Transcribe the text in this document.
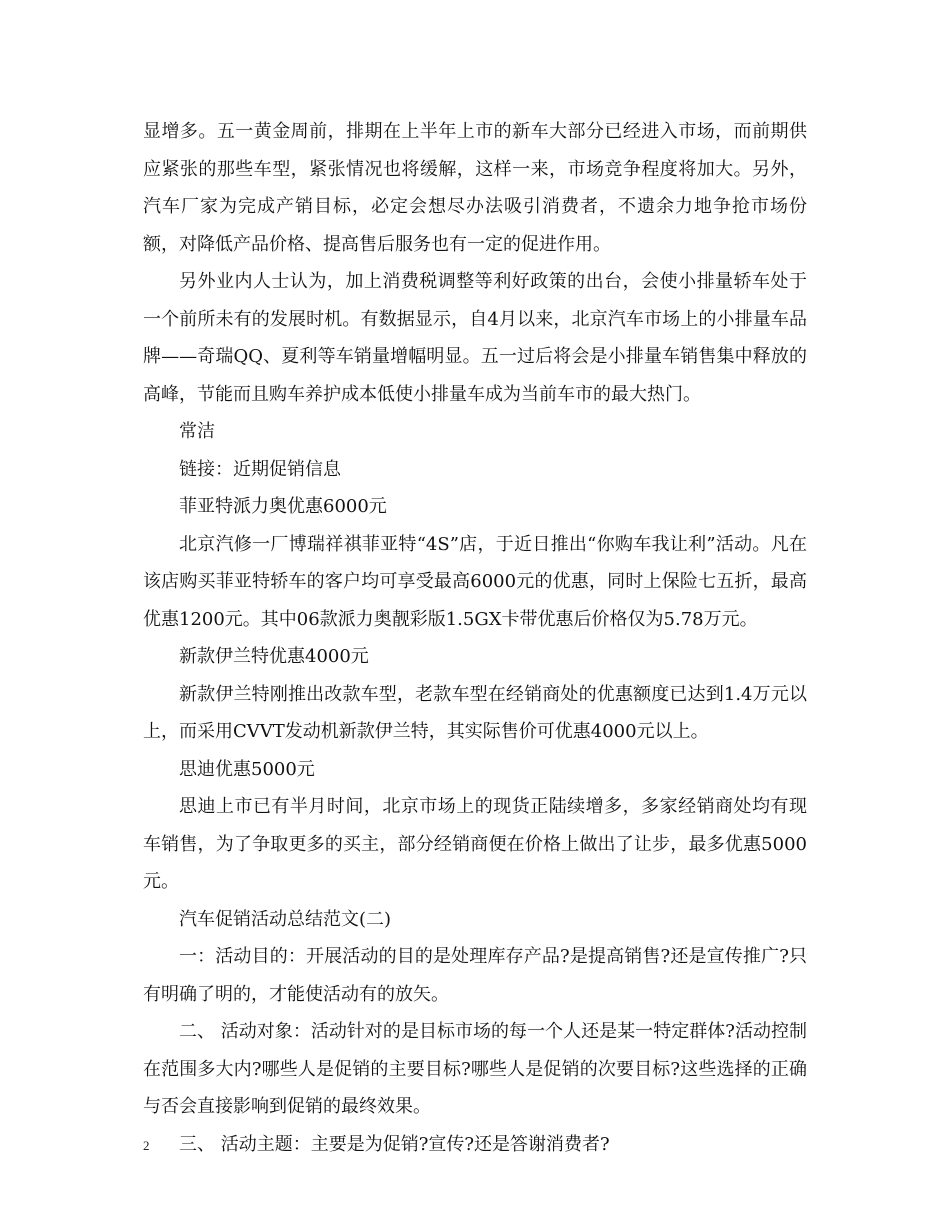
显增多。五一黄金周前，排期在上半年上市的新车大部分已经进入市场，而前期供应紧张的那些车型，紧张情况也将缓解，这样一来，市场竞争程度将加大。另外，汽车厂家为完成产销目标，必定会想尽办法吸引消费者，不遗余力地争抢市场份额，对降低产品价格、提高售后服务也有一定的促进作用。

另外业内人士认为，加上消费税调整等利好政策的出台，会使小排量轿车处于一个前所未有的发展时机。有数据显示，自4月以来，北京汽车市场上的小排量车品牌——奇瑞QQ、夏利等车销量增幅明显。五一过后将会是小排量车销售集中释放的高峰，节能而且购车养护成本低使小排量车成为当前车市的最大热门。

常洁

链接：近期促销信息

菲亚特派力奥优惠6000元

北京汽修一厂博瑞祥祺菲亚特“4S”店，于近日推出“你购车我让利”活动。凡在该店购买菲亚特轿车的客户均可享受最高6000元的优惠，同时上保险七五折，最高优惠1200元。其中06款派力奥靓彩版1.5GX卡带优惠后价格仅为5.78万元。

新款伊兰特优惠4000元

新款伊兰特刚推出改款车型，老款车型在经销商处的优惠额度已达到1.4万元以上，而采用CVVT发动机新款伊兰特，其实际售价可优惠4000元以上。

思迪优惠5000元

思迪上市已有半月时间，北京市场上的现货正陆续增多，多家经销商处均有现车销售，为了争取更多的买主，部分经销商便在价格上做出了让步，最多优惠5000元。

汽车促销活动总结范文(二)

一：活动目的：开展活动的目的是处理库存产品?是提高销售?还是宣传推广?只有明确了明的，才能使活动有的放矢。

二、 活动对象：活动针对的是目标市场的每一个人还是某一特定群体?活动控制在范围多大内?哪些人是促销的主要目标?哪些人是促销的次要目标?这些选择的正确与否会直接影响到促销的最终效果。

三、 活动主题：主要是为促销?宣传?还是答谢消费者?

2
